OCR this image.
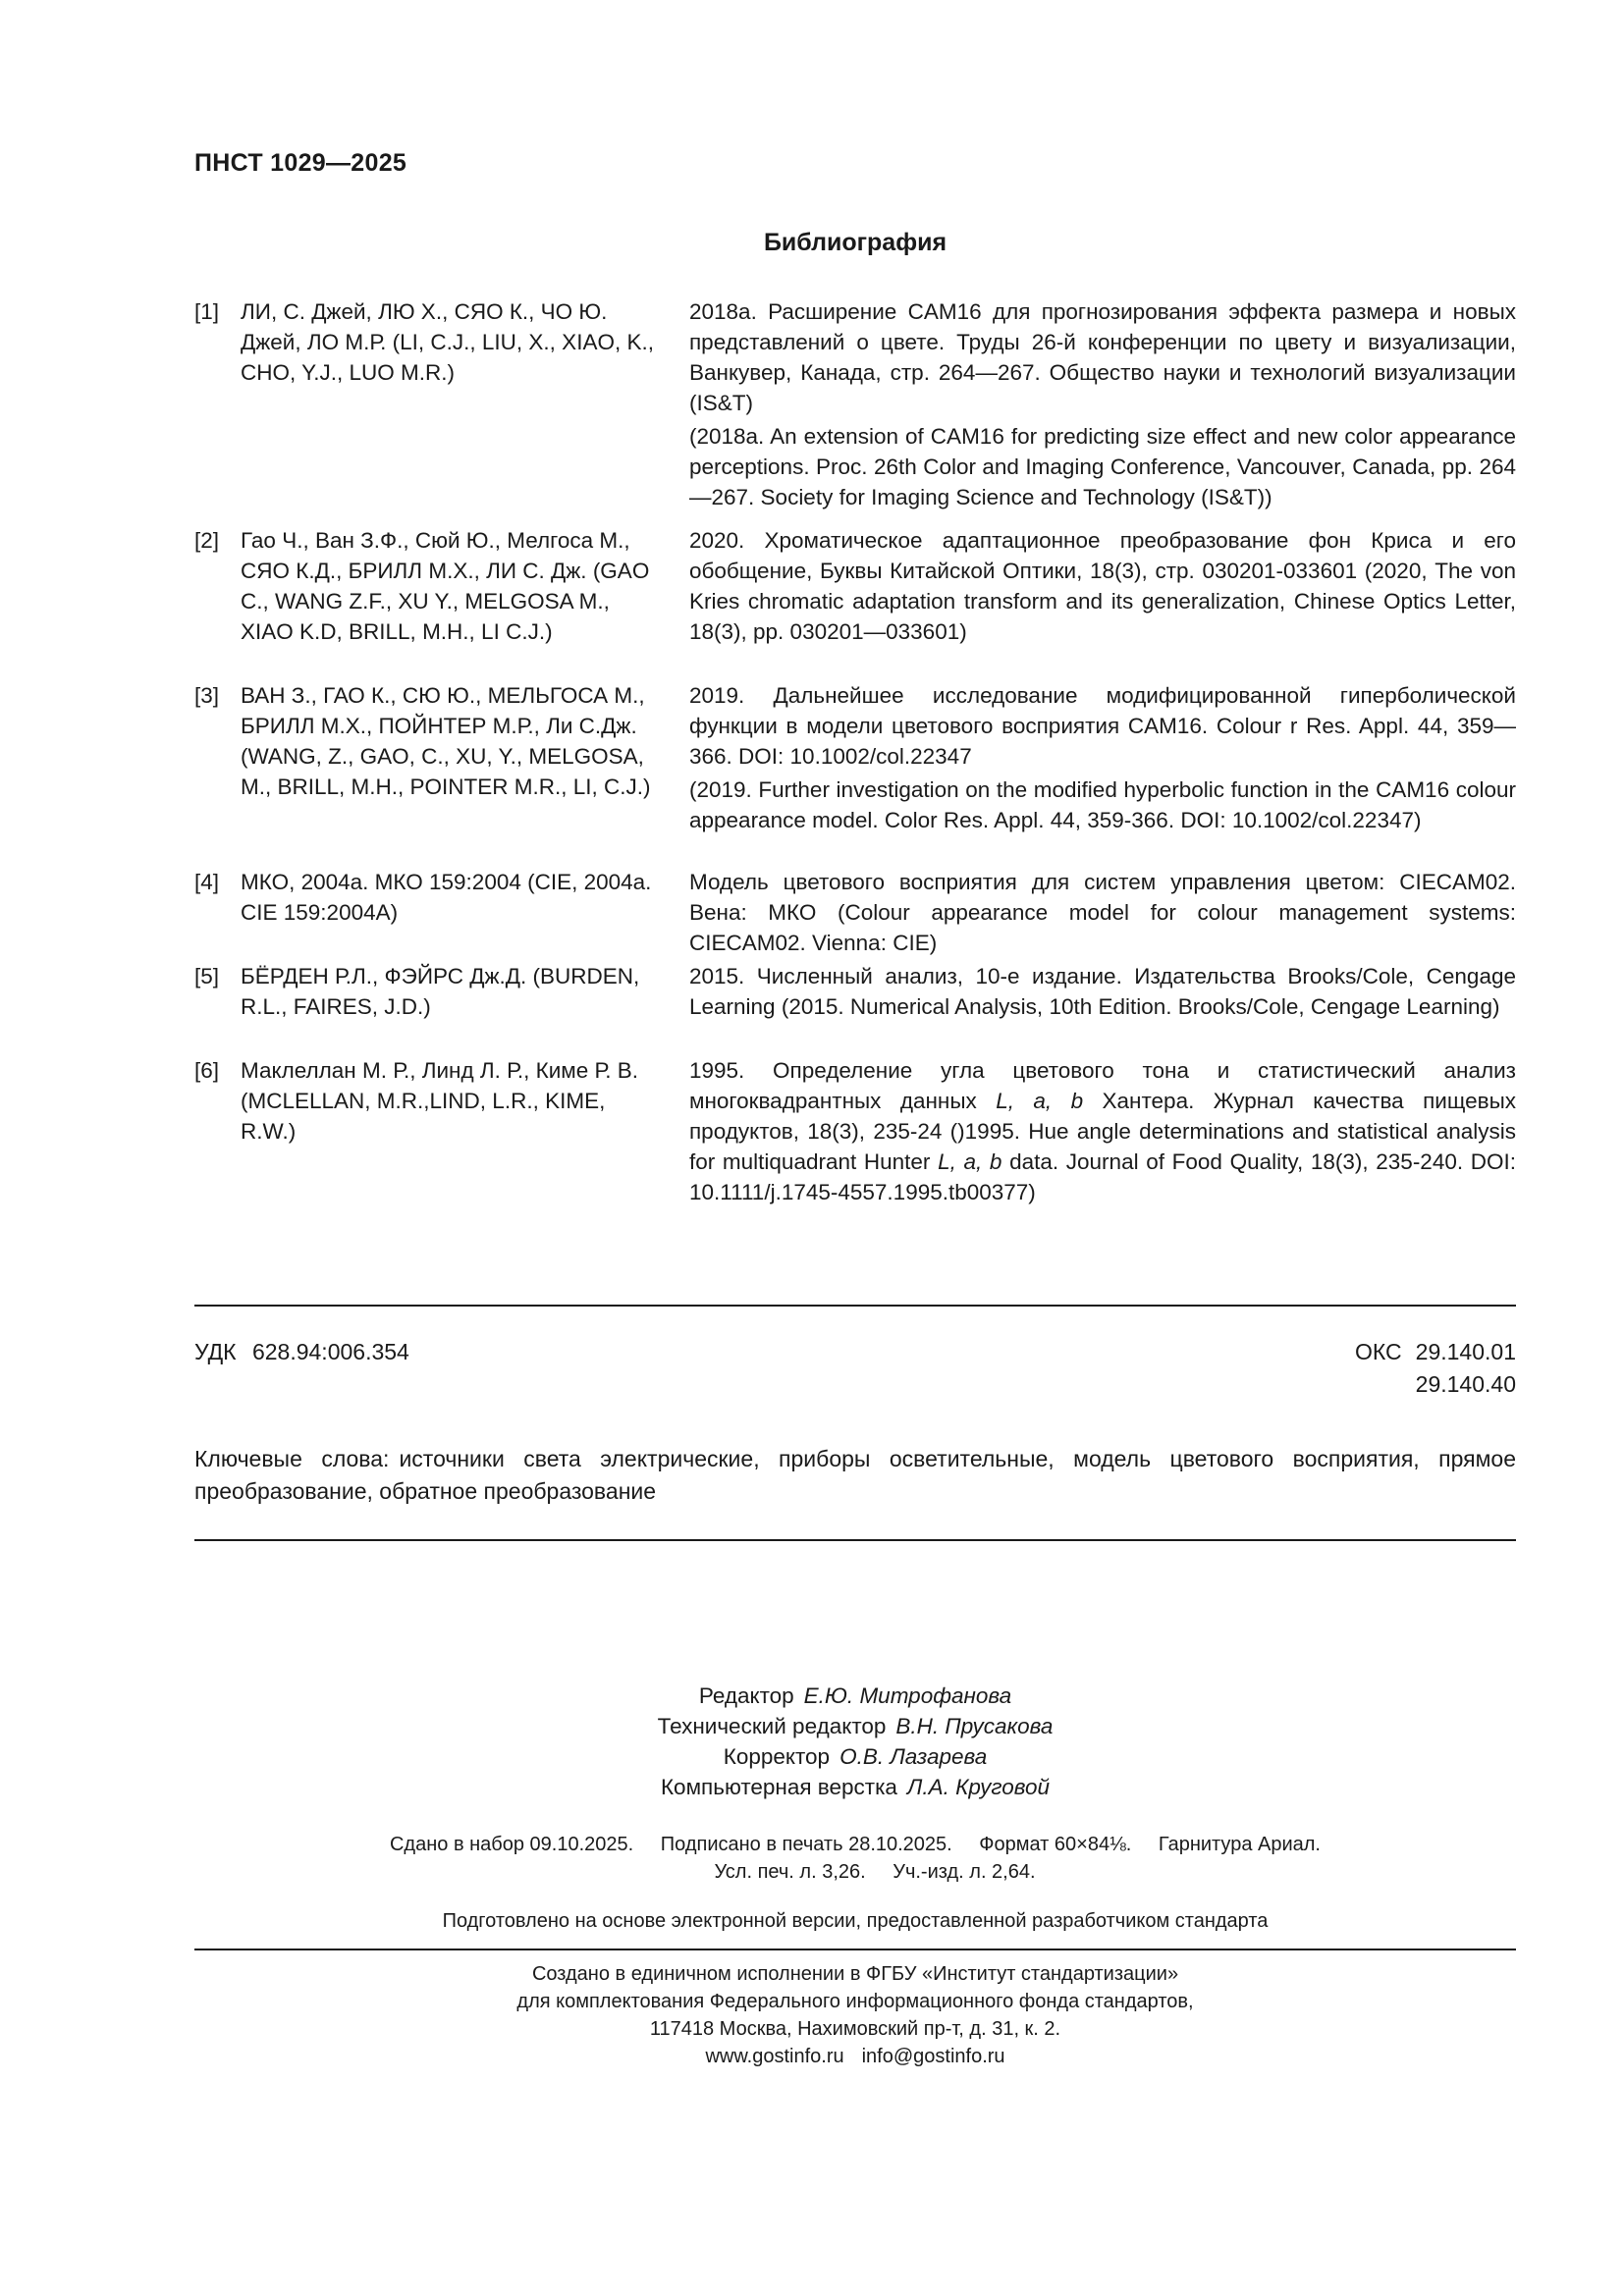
ПНСТ 1029—2025
Библиография
[1] ЛИ, С. Джей, ЛЮ Х., СЯО К., ЧО Ю. Джей, ЛО М.Р. (LI, C.J., LIU, X., XIAO, K., CHO, Y.J., LUO M.R.)

2018а. Расширение CAM16 для прогнозирования эффекта размера и новых представлений о цвете. Труды 26-й конференции по цвету и визуализации, Ванкувер, Канада, стр. 264—267. Общество науки и технологий визуализации (IS&T)

(2018a. An extension of CAM16 for predicting size effect and new color appearance perceptions. Proc. 26th Color and Imaging Conference, Vancouver, Canada, pp. 264—267. Society for Imaging Science and Technology (IS&T))

[2] Гао Ч., Ван З.Ф., Сюй Ю., Мелгоса М., СЯО К.Д., БРИЛЛ М.Х., ЛИ С. Дж. (GAO C., WANG Z.F., XU Y., MELGOSA M., XIAO K.D, BRILL, M.H., LI C.J.)

2020. Хроматическое адаптационное преобразование фон Криса и его обобщение, Буквы Китайской Оптики, 18(3), стр. 030201-033601 (2020, The von Kries chromatic adaptation transform and its generalization, Chinese Optics Letter, 18(3), pp. 030201—033601)

[3] ВАН З., ГАО К., СЮ Ю., МЕЛЬГОСА М., БРИЛЛ М.Х., ПОЙНТЕР М.Р., Ли С.Дж. (WANG, Z., GAO, C., XU, Y., MELGOSA, M., BRILL, M.H., POINTER M.R., LI, C.J.)

2019. Дальнейшее исследование модифицированной гиперболической функции в модели цветового восприятия CAM16. Colour r Res. Appl. 44, 359—366. DOI: 10.1002/col.22347

(2019. Further investigation on the modified hyperbolic function in the CAM16 colour appearance model. Color Res. Appl. 44, 359-366. DOI: 10.1002/col.22347)

[4] МКО, 2004а. МКО 159:2004 (CIE, 2004a. CIE 159:2004A)

Модель цветового восприятия для систем управления цветом: CIECAM02. Вена: МКО (Colour appearance model for colour management systems: CIECAM02. Vienna: CIE)

[5] БЁРДЕН Р.Л., ФЭЙРС Дж.Д. (BURDEN, R.L., FAIRES, J.D.)

2015. Численный анализ, 10-е издание. Издательства Brooks/Cole, Cengage Learning (2015. Numerical Analysis, 10th Edition. Brooks/Cole, Cengage Learning)

[6] Маклеллан М. Р., Линд Л. Р., Киме Р. В. (MCLELLAN, M.R.,LIND, L.R., KIME, R.W.)

1995. Определение угла цветового тона и статистический анализ многоквадрантных данных L, a, b Хантера. Журнал качества пищевых продуктов, 18(3), 235-24 ()1995. Hue angle determinations and statistical analysis for multiquadrant Hunter L, a, b data. Journal of Food Quality, 18(3), 235-240. DOI: 10.1111/j.1745-4557.1995.tb00377)

УДК 628.94:006.354	ОКС 29.140.01
29.140.40
Ключевые слова: источники света электрические, приборы осветительные, модель цветового восприятия, прямое преобразование, обратное преобразование
Редактор Е.Ю. Митрофанова
Технический редактор В.Н. Прусакова
Корректор О.В. Лазарева
Компьютерная верстка Л.А. Круговой
Сдано в набор 09.10.2025. Подписано в печать 28.10.2025. Формат 60×84⅛. Гарнитура Ариал.
Усл. печ. л. 3,26. Уч.-изд. л. 2,64.
Подготовлено на основе электронной версии, предоставленной разработчиком стандарта
Создано в единичном исполнении в ФГБУ «Институт стандартизации»
для комплектования Федерального информационного фонда стандартов,
117418 Москва, Нахимовский пр-т, д. 31, к. 2.
www.gostinfo.ru info@gostinfo.ru
